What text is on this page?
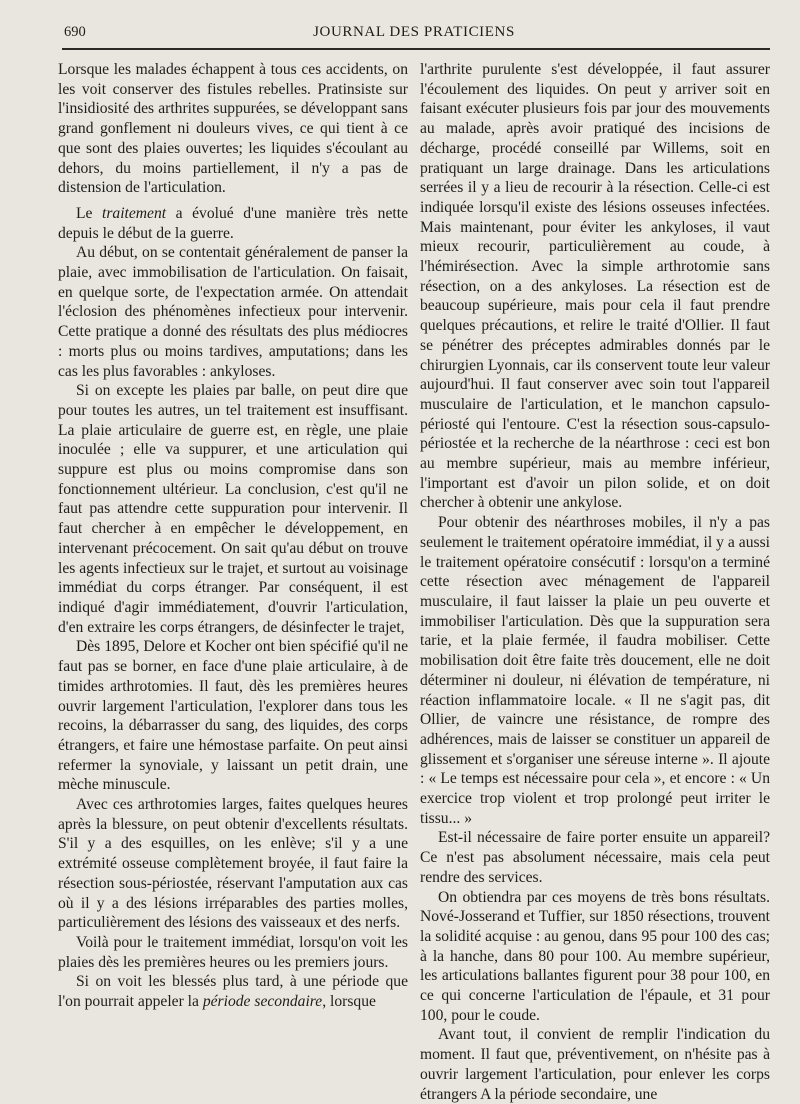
690	JOURNAL DES PRATICIENS

Lorsque les malades échappent à tous ces accidents, on les voit conserver des fistules rebelles. Pratinsiste sur l'insidiosité des arthrites suppurées, se développant sans grand gonflement ni douleurs vives, ce qui tient à ce que sont des plaies ouvertes; les liquides s'écoulant au dehors, du moins partiellement, il n'y a pas de distension de l'articulation.

Le traitement a évolué d'une manière très nette depuis le début de la guerre.

Au début, on se contentait généralement de panser la plaie, avec immobilisation de l'articulation. On faisait, en quelque sorte, de l'expectation armée. On attendait l'éclosion des phénomènes infectieux pour intervenir. Cette pratique a donné des résultats des plus médiocres : morts plus ou moins tardives, amputations; dans les cas les plus favorables : ankyloses.

Si on excepte les plaies par balle, on peut dire que pour toutes les autres, un tel traitement est insuffisant. La plaie articulaire de guerre est, en règle, une plaie inoculée ; elle va suppurer, et une articulation qui suppure est plus ou moins compromise dans son fonctionnement ultérieur. La conclusion, c'est qu'il ne faut pas attendre cette suppuration pour intervenir. Il faut chercher à en empêcher le développement, en intervenant précocement. On sait qu'au début on trouve les agents infectieux sur le trajet, et surtout au voisinage immédiat du corps étranger. Par conséquent, il est indiqué d'agir immédiatement, d'ouvrir l'articulation, d'en extraire les corps étrangers, de désinfecter le trajet,

Dès 1895, Delore et Kocher ont bien spécifié qu'il ne faut pas se borner, en face d'une plaie articulaire, à de timides arthrotomies. Il faut, dès les premières heures ouvrir largement l'articulation, l'explorer dans tous les recoins, la débarrasser du sang, des liquides, des corps étrangers, et faire une hémostase parfaite. On peut ainsi refermer la synoviale, y laissant un petit drain, une mèche minuscule.

Avec ces arthrotomies larges, faites quelques heures après la blessure, on peut obtenir d'excellents résultats. S'il y a des esquilles, on les enlève; s'il y a une extrémité osseuse complètement broyée, il faut faire la résection sous-périostée, réservant l'amputation aux cas où il y a des lésions irréparables des parties molles, particulièrement des lésions des vaisseaux et des nerfs.

Voilà pour le traitement immédiat, lorsqu'on voit les plaies dès les premières heures ou les premiers jours.

Si on voit les blessés plus tard, à une période que l'on pourrait appeler la période secondaire, lorsque

l'arthrite purulente s'est développée, il faut assurer l'écoulement des liquides. On peut y arriver soit en faisant exécuter plusieurs fois par jour des mouvements au malade, après avoir pratiqué des incisions de décharge, procédé conseillé par Willems, soit en pratiquant un large drainage. Dans les articulations serrées il y a lieu de recourir à la résection. Celle-ci est indiquée lorsqu'il existe des lésions osseuses infectées. Mais maintenant, pour éviter les ankyloses, il vaut mieux recourir, particulièrement au coude, à l'hémirésection. Avec la simple arthrotomie sans résection, on a des ankyloses. La résection est de beaucoup supérieure, mais pour cela il faut prendre quelques précautions, et relire le traité d'Ollier. Il faut se pénétrer des préceptes admirables donnés par le chirurgien Lyonnais, car ils conservent toute leur valeur aujourd'hui. Il faut conserver avec soin tout l'appareil musculaire de l'articulation, et le manchon capsulo-périosté qui l'entoure. C'est la résection sous-capsulo-périostée et la recherche de la néarthrose : ceci est bon au membre supérieur, mais au membre inférieur, l'important est d'avoir un pilon solide, et on doit chercher à obtenir une ankylose.

Pour obtenir des néarthroses mobiles, il n'y a pas seulement le traitement opératoire immédiat, il y a aussi le traitement opératoire consécutif : lorsqu'on a terminé cette résection avec ménagement de l'appareil musculaire, il faut laisser la plaie un peu ouverte et immobiliser l'articulation. Dès que la suppuration sera tarie, et la plaie fermée, il faudra mobiliser. Cette mobilisation doit être faite très doucement, elle ne doit déterminer ni douleur, ni élévation de température, ni réaction inflammatoire locale. « Il ne s'agit pas, dit Ollier, de vaincre une résistance, de rompre des adhérences, mais de laisser se constituer un appareil de glissement et s'organiser une séreuse interne ». Il ajoute : « Le temps est nécessaire pour cela », et encore : « Un exercice trop violent et trop prolongé peut irriter le tissu... »

Est-il nécessaire de faire porter ensuite un appareil? Ce n'est pas absolument nécessaire, mais cela peut rendre des services.

On obtiendra par ces moyens de très bons résultats. Nové-Josserand et Tuffier, sur 1850 résections, trouvent la solidité acquise : au genou, dans 95 pour 100 des cas; à la hanche, dans 80 pour 100. Au membre supérieur, les articulations ballantes figurent pour 38 pour 100, en ce qui concerne l'articulation de l'épaule, et 31 pour 100, pour le coude.

Avant tout, il convient de remplir l'indication du moment. Il faut que, préventivement, on n'hésite pas à ouvrir largement l'articulation, pour enlever les corps étrangers A la période secondaire, une
